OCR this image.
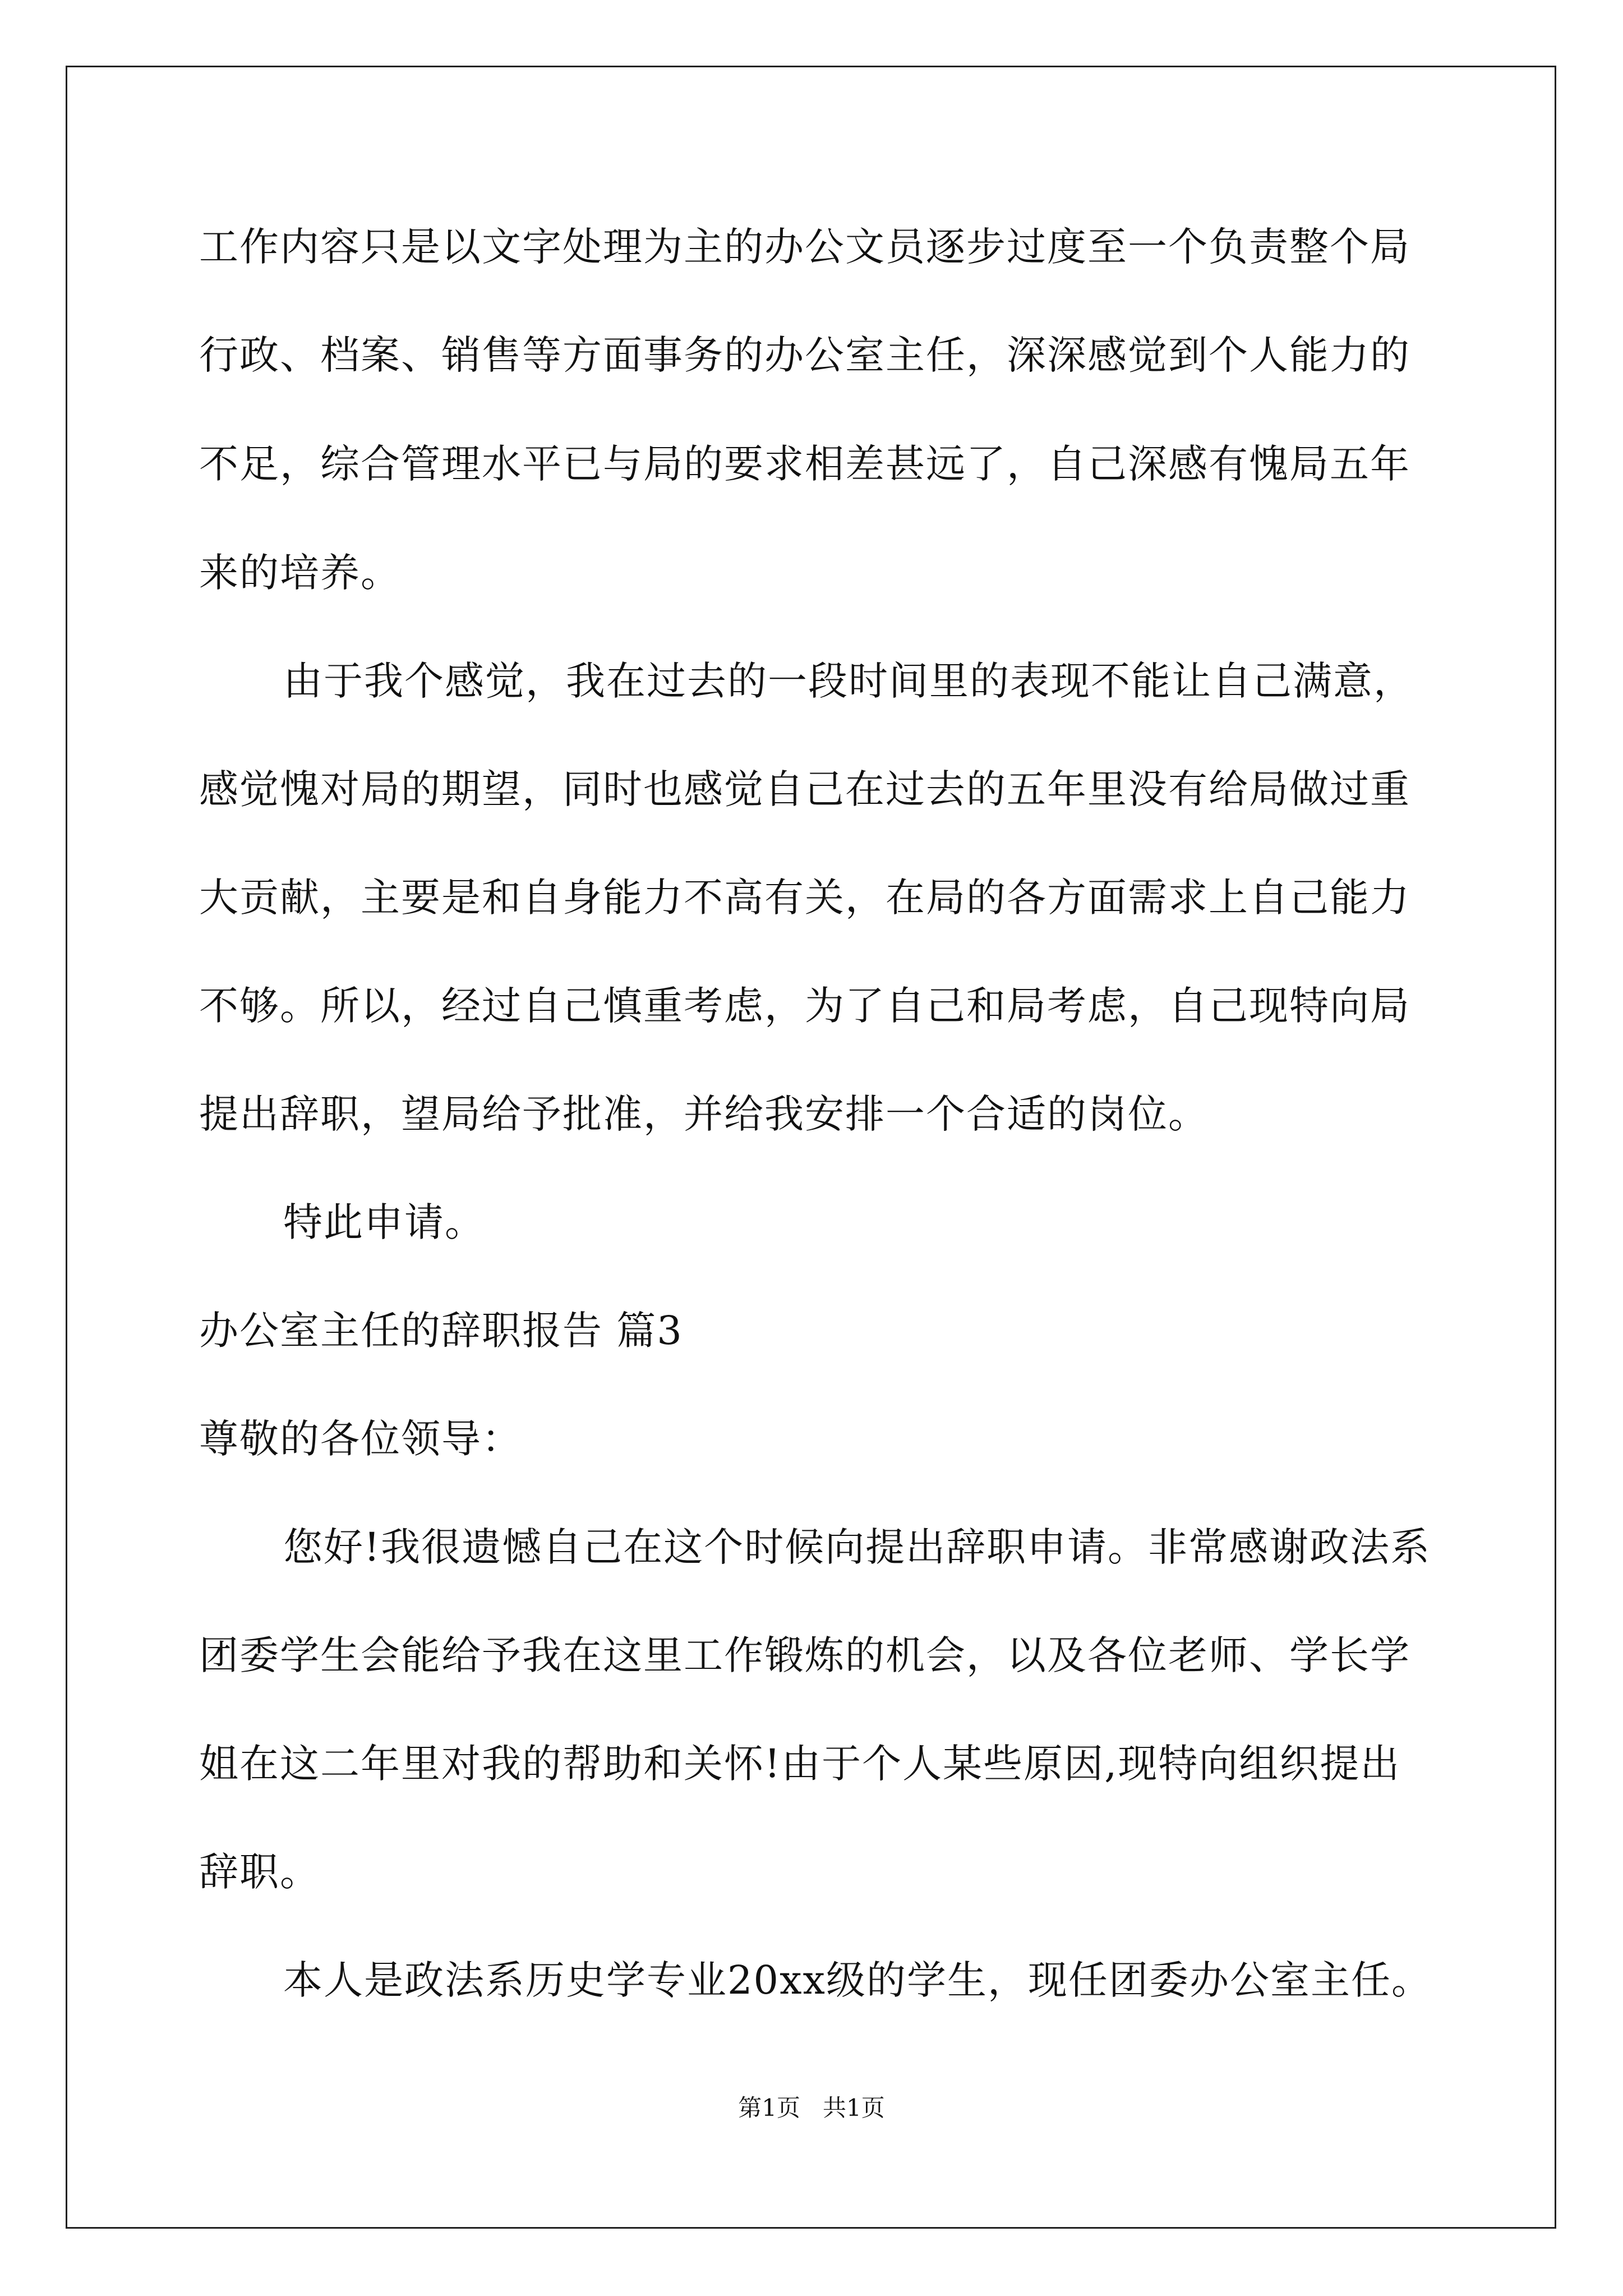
工作内容只是以文字处理为主的办公文员逐步过度至一个负责整个局
行政、档案、销售等方面事务的办公室主任，深深感觉到个人能力的
不足，综合管理水平已与局的要求相差甚远了，自己深感有愧局五年
来的培养。
由于我个感觉，我在过去的一段时间里的表现不能让自己满意，
感觉愧对局的期望，同时也感觉自己在过去的五年里没有给局做过重
大贡献，主要是和自身能力不高有关，在局的各方面需求上自己能力
不够。所以，经过自己慎重考虑，为了自己和局考虑，自己现特向局
提出辞职，望局给予批准，并给我安排一个合适的岗位。
特此申请。
办公室主任的辞职报告 篇3
尊敬的各位领导：
您好!我很遗憾自己在这个时候向提出辞职申请。非常感谢政法系
团委学生会能给予我在这里工作锻炼的机会，以及各位老师、学长学
姐在这二年里对我的帮助和关怀!由于个人某些原因,现特向组织提出
辞职。
本人是政法系历史学专业20xx级的学生，现任团委办公室主任。
第1页   共1页
